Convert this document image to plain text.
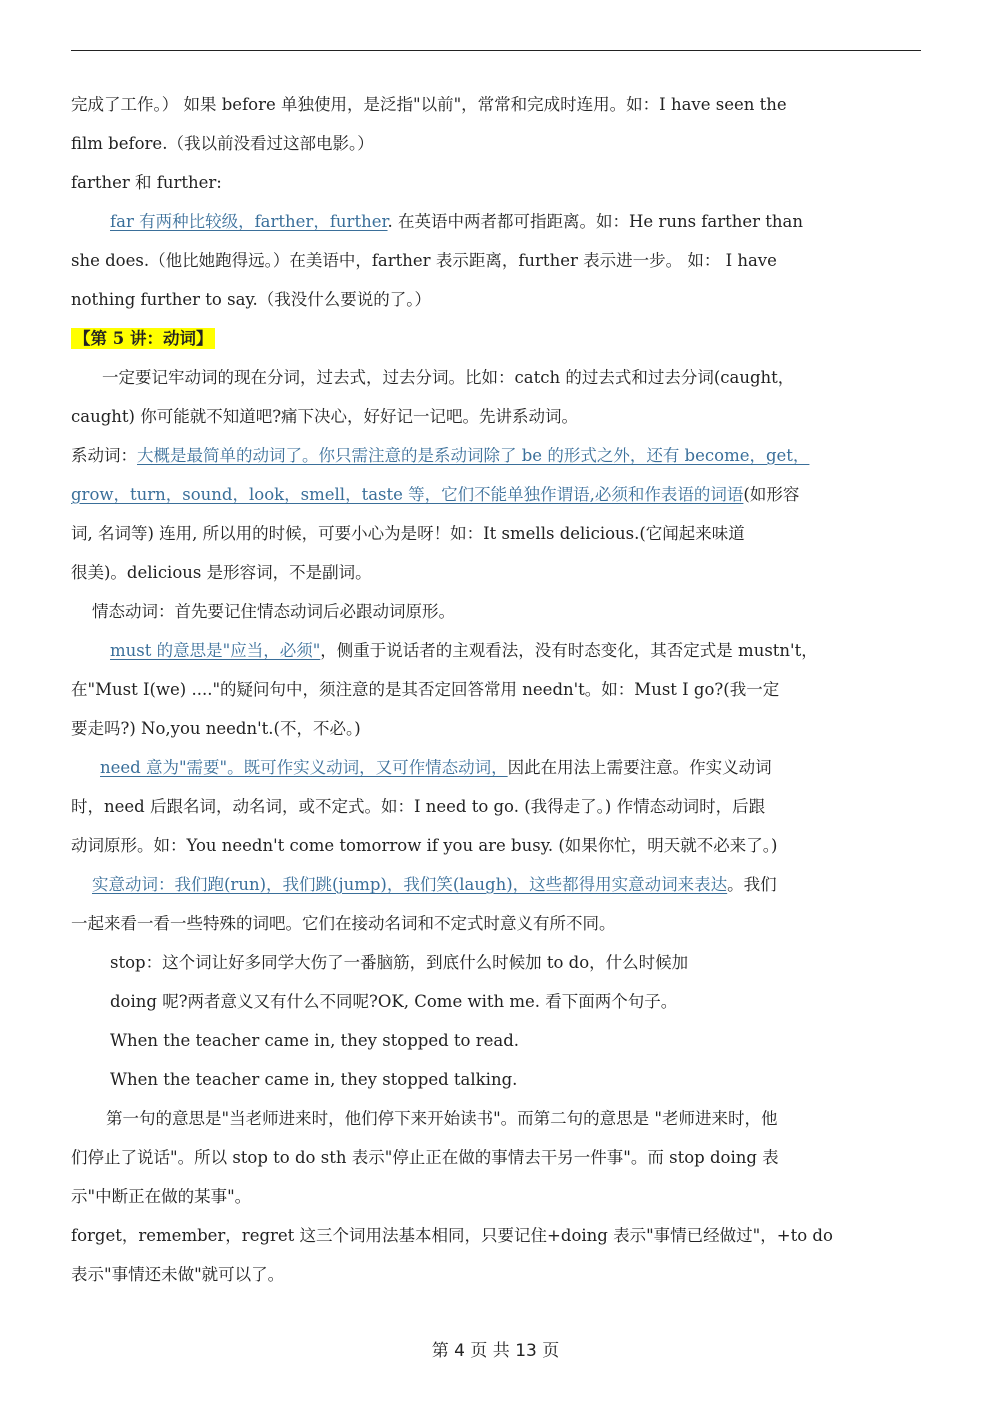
完成了工作。） 如果 before 单独使用，是泛指"以前"，常常和完成时连用。如：I have seen the
film before.（我以前没看过这部电影。）
farther 和 further:
far 有两种比较级，farther，further. 在英语中两者都可指距离。如：He runs farther than
she does.（他比她跑得远。）在美语中，farther 表示距离，further 表示进一步。 如： I have
nothing further to say.（我没什么要说的了。）
【第 5 讲：动词】
一定要记牢动词的现在分词，过去式，过去分词。比如：catch 的过去式和过去分词(caught，
caught) 你可能就不知道吧?痛下决心，好好记一记吧。先讲系动词。
系动词：大概是最简单的动词了。你只需注意的是系动词除了 be 的形式之外，还有 become，get，
grow，turn，sound，look，smell，taste 等，它们不能单独作谓语,必须和作表语的词语(如形容
词, 名词等) 连用, 所以用的时候，可要小心为是呀！如：It smells delicious.(它闻起来味道
很美)。delicious 是形容词，不是副词。
情态动词：首先要记住情态动词后必跟动词原形。
must 的意思是"应当，必须"，侧重于说话者的主观看法，没有时态变化，其否定式是 mustn't，
在"Must I(we) ...."的疑问句中，须注意的是其否定回答常用 needn't。如：Must I go?(我一定
要走吗?) No,you needn't.(不，不必。)
need 意为"需要"。既可作实义动词，又可作情态动词，因此在用法上需要注意。作实义动词
时，need 后跟名词，动名词，或不定式。如：I need to go. (我得走了。) 作情态动词时，后跟
动词原形。如：You needn't come tomorrow if you are busy. (如果你忙，明天就不必来了。)
实意动词：我们跑(run)，我们跳(jump)，我们笑(laugh)，这些都得用实意动词来表达。我们
一起来看一看一些特殊的词吧。它们在接动名词和不定式时意义有所不同。
stop：这个词让好多同学大伤了一番脑筋，到底什么时候加 to do，什么时候加
doing 呢?两者意义又有什么不同呢?OK, Come with me. 看下面两个句子。
When the teacher came in, they stopped to read.
When the teacher came in, they stopped talking.
第一句的意思是"当老师进来时，他们停下来开始读书"。而第二句的意思是 "老师进来时，他
们停止了说话"。所以 stop to do sth 表示"停止正在做的事情去干另一件事"。而 stop doing 表
示"中断正在做的某事"。
forget，remember，regret 这三个词用法基本相同，只要记住+doing 表示"事情已经做过"，+to do
表示"事情还未做"就可以了。
第 4 页 共 13 页
